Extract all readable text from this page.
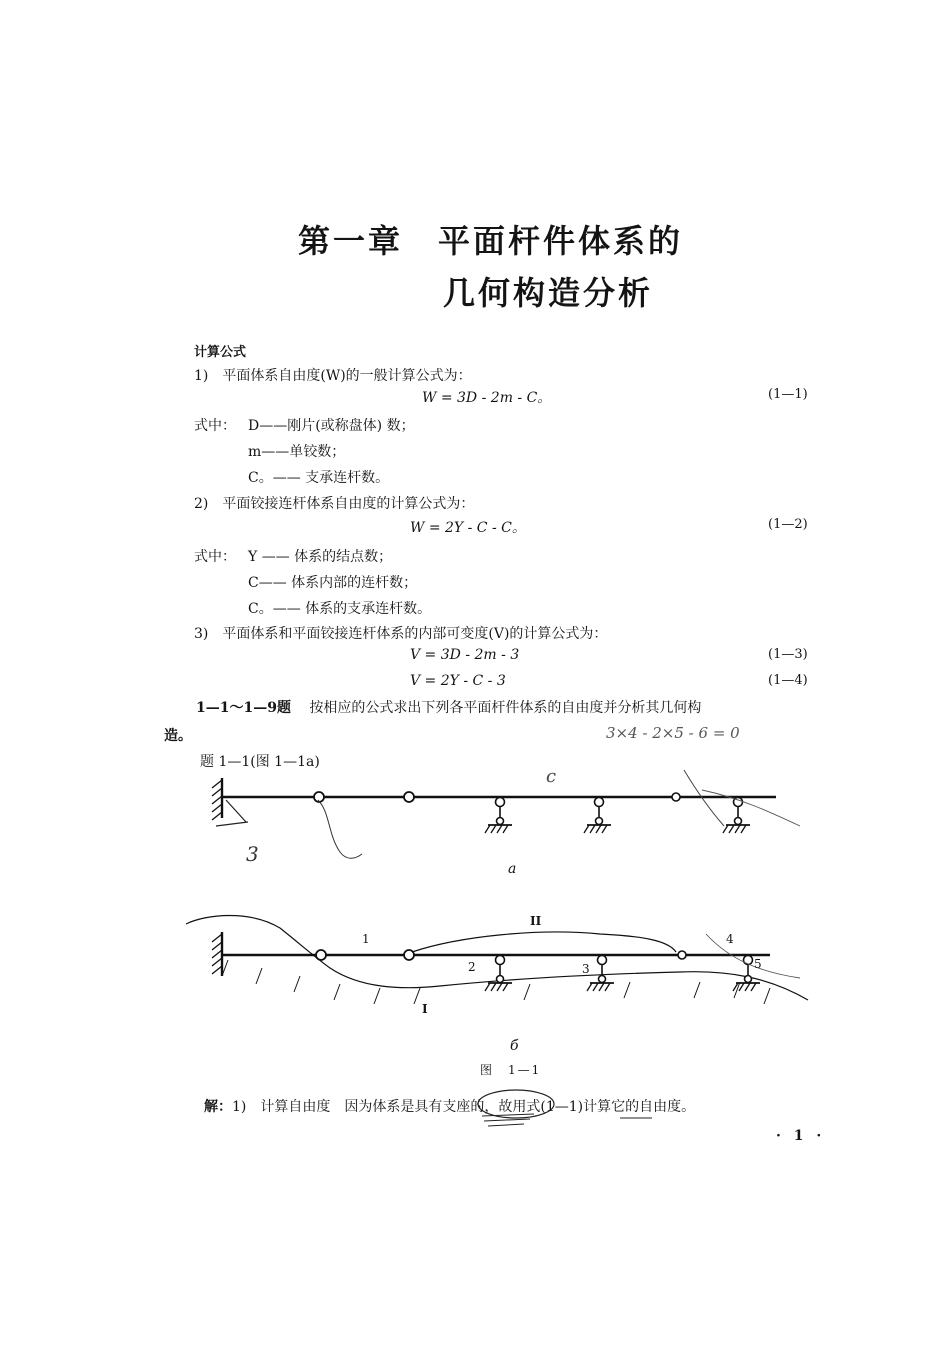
第一章　平面杆件体系的
几何构造分析
计算公式
1)　平面体系自由度(W)的一般计算公式为：
W = 3D - 2m - C。	(1—1)
式中： D——刚片(或称盘体) 数；
m——单铰数；
C。—— 支承连杆数。
2)　平面铰接连杆体系自由度的计算公式为：
W = 2Y - C - C。	(1—2)
式中： Y —— 体系的结点数；
C—— 体系内部的连杆数；
C。—— 体系的支承连杆数。
3)　平面体系和平面铰接连杆体系的内部可变度(V)的计算公式为：
V = 3D - 2m - 3	(1—3)
V = 2Y - C - 3	(1—4)
1—1～1—9题 按相应的公式求出下列各平面杆件体系的自由度并分析其几何构
造。
题 1—1(图 1—1a)
a
1
2	3
4
5
II
I
б
图　1—1
3×4 - 2×5 - 6 = 0
3
c
解：1)　计算自由度　因为体系是具有支座的，故用式(1—1)计算它的自由度。
· 1 ·
